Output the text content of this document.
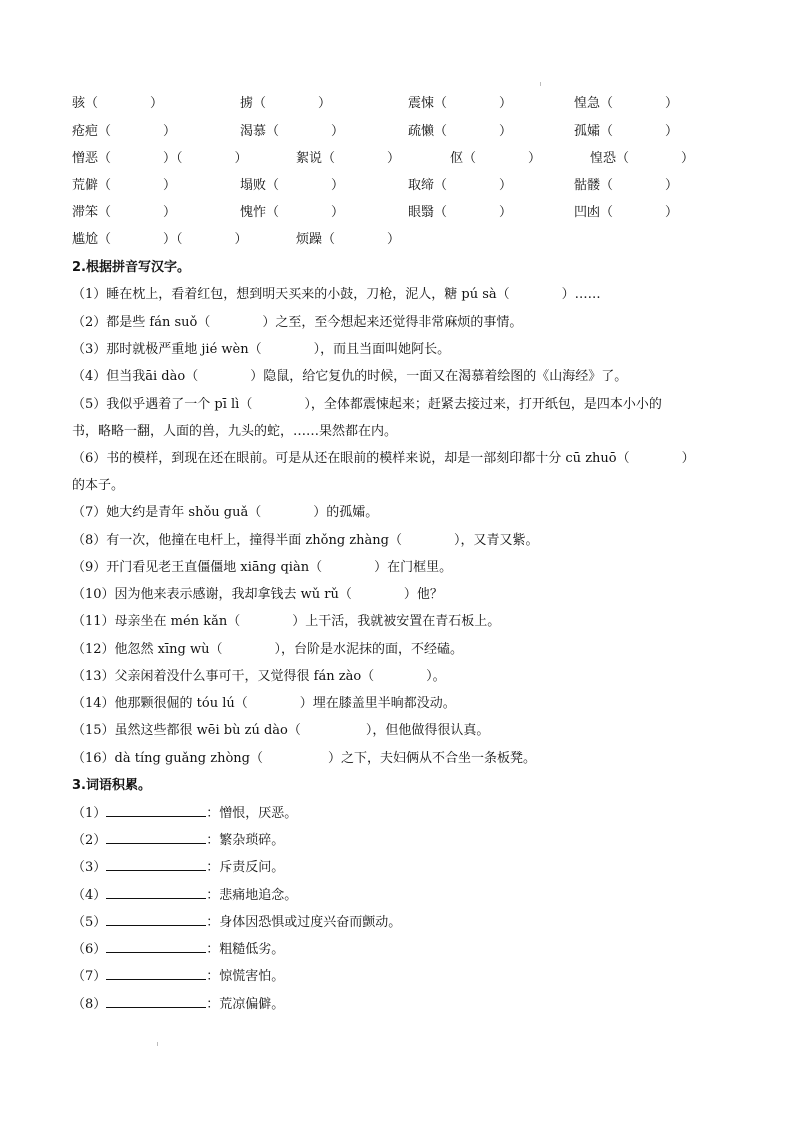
骇（　　　　）	掳（　　　　）	震悚（　　　　）	惶急（　　　　）
疮疤（　　　　）	渴慕（　　　　）	疏懒（　　　　）	孤孀（　　　　）
憎恶（　　　　）（　　　　）	絮说（　　　　）	伛（　　　　）	惶恐（　　　　）
荒僻（　　　　）	塌败（　　　　）	取缔（　　　　）	骷髅（　　　　）
滞笨（　　　　）	愧怍（　　　　）	眼翳（　　　　）	凹凼（　　　　）
尴尬（　　　　）（　　　　）	烦躁（　　　　）
2.根据拼音写汉字。
（1）睡在枕上，看着红包，想到明天买来的小鼓，刀枪，泥人，糖 pú sà（　　　　）……
（2）都是些 fán suǒ（　　　　）之至，至今想起来还觉得非常麻烦的事情。
（3）那时就极严重地 jié wèn（　　　　），而且当面叫她阿长。
（4）但当我āi dào（　　　　）隐鼠，给它复仇的时候，一面又在渴慕着绘图的《山海经》了。
（5）我似乎遇着了一个 pī lì（　　　　），全体都震悚起来；赶紧去接过来，打开纸包，是四本小小的
书，略略一翻，人面的兽，九头的蛇，……果然都在内。
（6）书的模样，到现在还在眼前。可是从还在眼前的模样来说，却是一部刻印都十分 cū zhuō（　　　　）
的本子。
（7）她大约是青年 shǒu guǎ（　　　　）的孤孀。
（8）有一次，他撞在电杆上，撞得半面 zhǒng zhàng（　　　　），又青又紫。
（9）开门看见老王直僵僵地 xiāng qiàn（　　　　）在门框里。
（10）因为他来表示感谢，我却拿钱去 wǔ rǔ（　　　　）他？
（11）母亲坐在 mén kǎn（　　　　）上干活，我就被安置在青石板上。
（12）他忽然 xīng wù（　　　　），台阶是水泥抹的面，不经磕。
（13）父亲闲着没什么事可干，又觉得很 fán zào（　　　　）。
（14）他那颗很倔的 tóu lú（　　　　）埋在膝盖里半晌都没动。
（15）虽然这些都很 wēi bù zú dào（　　　　　），但他做得很认真。
（16）dà tíng guǎng zhòng（　　　　　）之下，夫妇俩从不合坐一条板凳。
3.词语积累。
（1）	：憎恨，厌恶。
（2）	：繁杂琐碎。
（3）	：斥责反问。
（4）	：悲痛地追念。
（5）	：身体因恐惧或过度兴奋而颤动。
（6）	：粗糙低劣。
（7）	：惊慌害怕。
（8）	：荒凉偏僻。
